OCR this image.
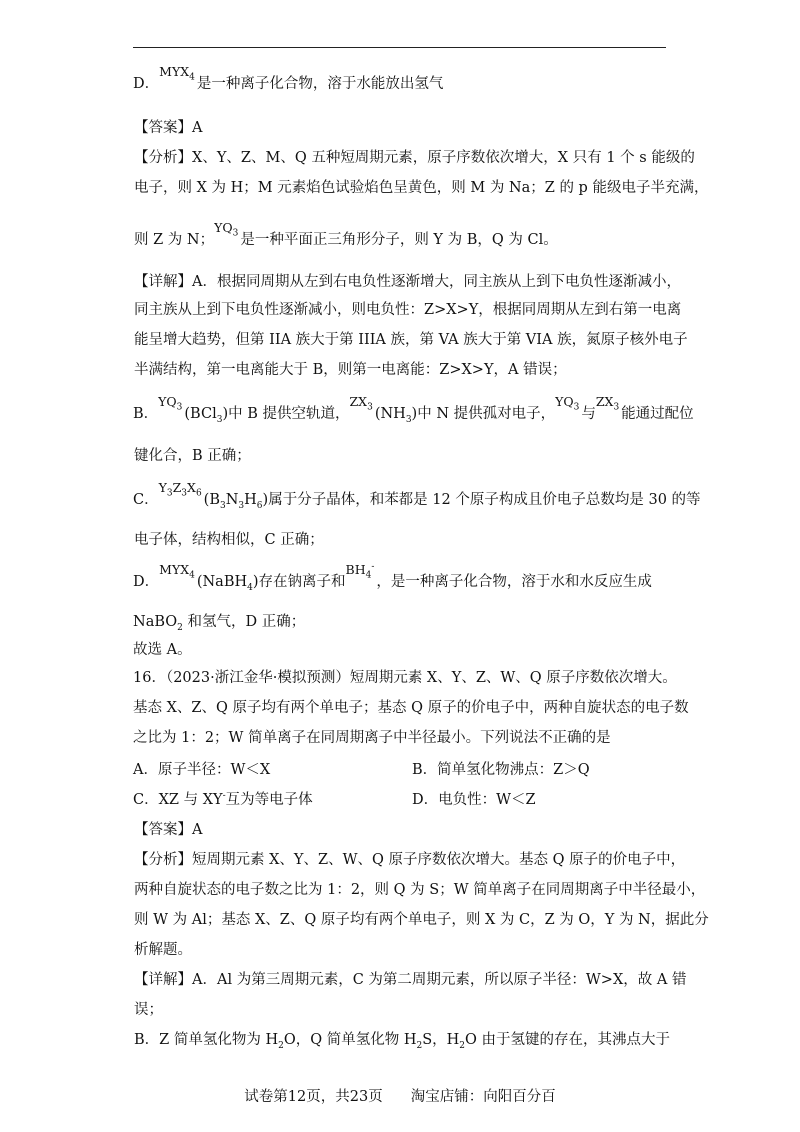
D．$MYX_4$ 是一种离子化合物，溶于水能放出氢气
【答案】A
【分析】X、Y、Z、M、Q 五种短周期元素，原子序数依次增大，X 只有 1 个 s 能级的
电子，则 X 为 H；M 元素焰色试验焰色呈黄色，则 M 为 Na；Z 的 p 能级电子半充满，
则 Z 为 N；$YQ_3$ 是一种平面正三角形分子，则 Y 为 B，Q 为 Cl。
【详解】A．根据同周期从左到右电负性逐渐增大，同主族从上到下电负性逐渐减小，
同主族从上到下电负性逐渐减小，则电负性：Z>X>Y，根据同周期从左到右第一电离
能呈增大趋势，但第 IIA 族大于第 IIIA 族，第 VA 族大于第 VIA 族，氮原子核外电子
半满结构，第一电离能大于 B，则第一电离能：Z>X>Y，A 错误；
B．$YQ_3$ (BCl$_3$)中 B 提供空轨道，$ZX_3$ $(NH_3)$中 N 提供孤对电子，$YQ_3$ 与$ZX_3$ 能通过配位
键化合，B 正确；
C．$Y_3Z_3X_6$ $(B_3N_3H_6)$属于分子晶体，和苯都是 12 个原子构成且价电子总数均是 30 的等
电子体，结构相似，C 正确；
D．$MYX_4$ (NaBH$_4$)存在钠离子和$BH_4^-$，是一种离子化合物，溶于水和水反应生成
NaBO$_2$ 和氢气，D 正确；
故选 A。
16．（2023·浙江金华·模拟预测）短周期元素 X、Y、Z、W、Q 原子序数依次增大。
基态 X、Z、Q 原子均有两个单电子；基态 Q 原子的价电子中，两种自旋状态的电子数
之比为 1：2；W 简单离子在同周期离子中半径最小。下列说法不正确的是
A．原子半径：W＜X	B．简单氢化物沸点：Z＞Q
C．XZ 与 XY-互为等电子体	D．电负性：W＜Z
【答案】A
【分析】短周期元素 X、Y、Z、W、Q 原子序数依次增大。基态 Q 原子的价电子中，
两种自旋状态的电子数之比为 1：2，则 Q 为 S；W 简单离子在同周期离子中半径最小，
则 W 为 Al；基态 X、Z、Q 原子均有两个单电子，则 X 为 C，Z 为 O，Y 为 N，据此分
析解题。
【详解】A．Al 为第三周期元素，C 为第二周期元素，所以原子半径：W>X，故 A 错
误；
B．Z 简单氢化物为 $H_2O$，Q 简单氢化物 $H_2S$，$H_2O$ 由于氢键的存在，其沸点大于
试卷第12页，共23页 淘宝店铺：向阳百分百
